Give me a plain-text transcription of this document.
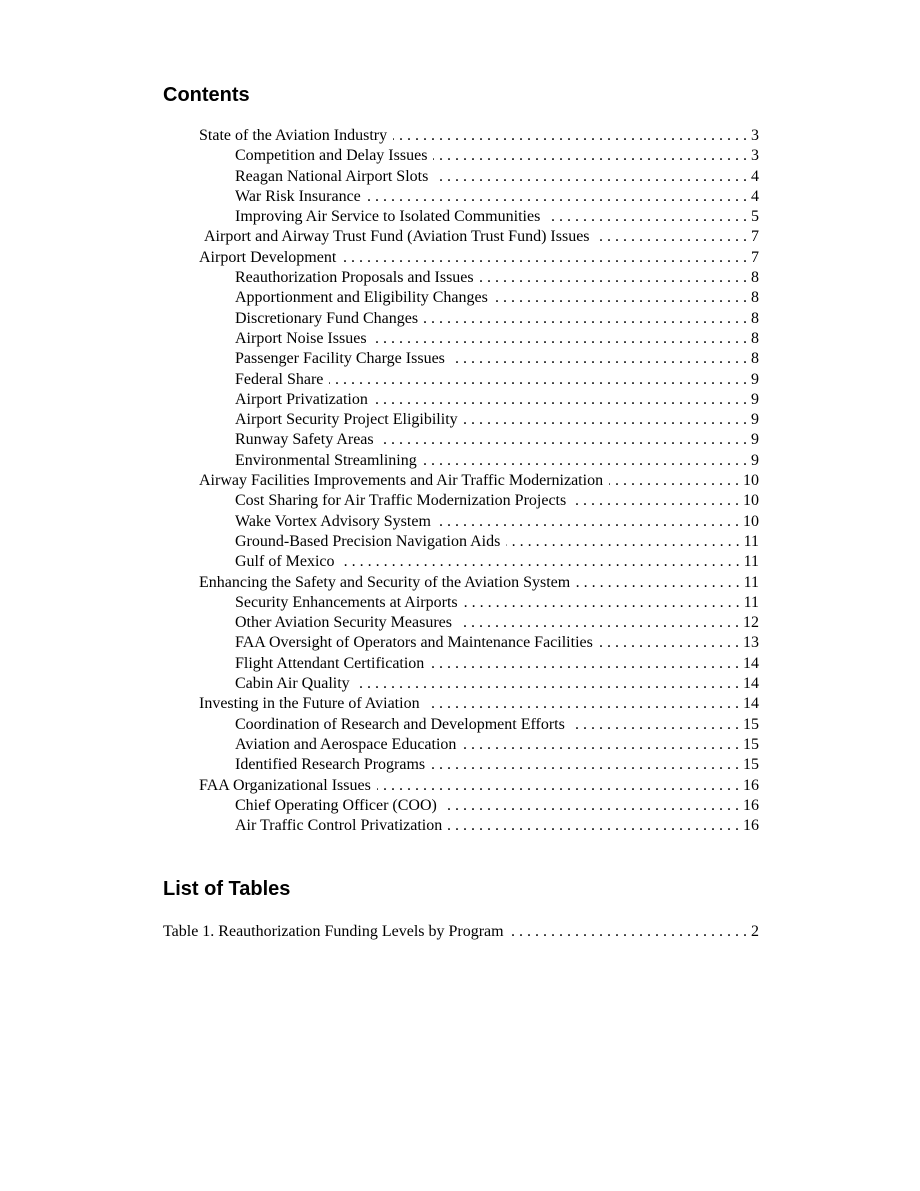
Contents
State of the Aviation Industry . . .	3
Competition and Delay Issues . . .	3
Reagan National Airport Slots . . .	4
War Risk Insurance . . .	4
Improving Air Service to Isolated Communities . . .	5
Airport and Airway Trust Fund (Aviation Trust Fund) Issues . . .	7
Airport Development . . .	7
Reauthorization Proposals and Issues . . .	8
Apportionment and Eligibility Changes . . .	8
Discretionary Fund Changes . . .	8
Airport Noise Issues . . .	8
Passenger Facility Charge Issues . . .	8
Federal Share . . .	9
Airport Privatization . . .	9
Airport Security Project Eligibility . . .	9
Runway Safety Areas . . .	9
Environmental Streamlining . . .	9
Airway Facilities Improvements and Air Traffic Modernization . . .	10
Cost Sharing for Air Traffic Modernization Projects . . .	10
Wake Vortex Advisory System . . .	10
Ground-Based Precision Navigation Aids . . .	11
Gulf of Mexico . . .	11
Enhancing the Safety and Security of the Aviation System . . .	11
Security Enhancements at Airports . . .	11
Other Aviation Security Measures . . .	12
FAA Oversight of Operators and Maintenance Facilities . . .	13
Flight Attendant Certification . . .	14
Cabin Air Quality . . .	14
Investing in the Future of Aviation . . .	14
Coordination of Research and Development Efforts . . .	15
Aviation and Aerospace Education . . .	15
Identified Research Programs . . .	15
FAA Organizational Issues . . .	16
Chief Operating Officer (COO) . . .	16
Air Traffic Control Privatization . . .	16
List of Tables
Table 1. Reauthorization Funding Levels by Program . . .	2
